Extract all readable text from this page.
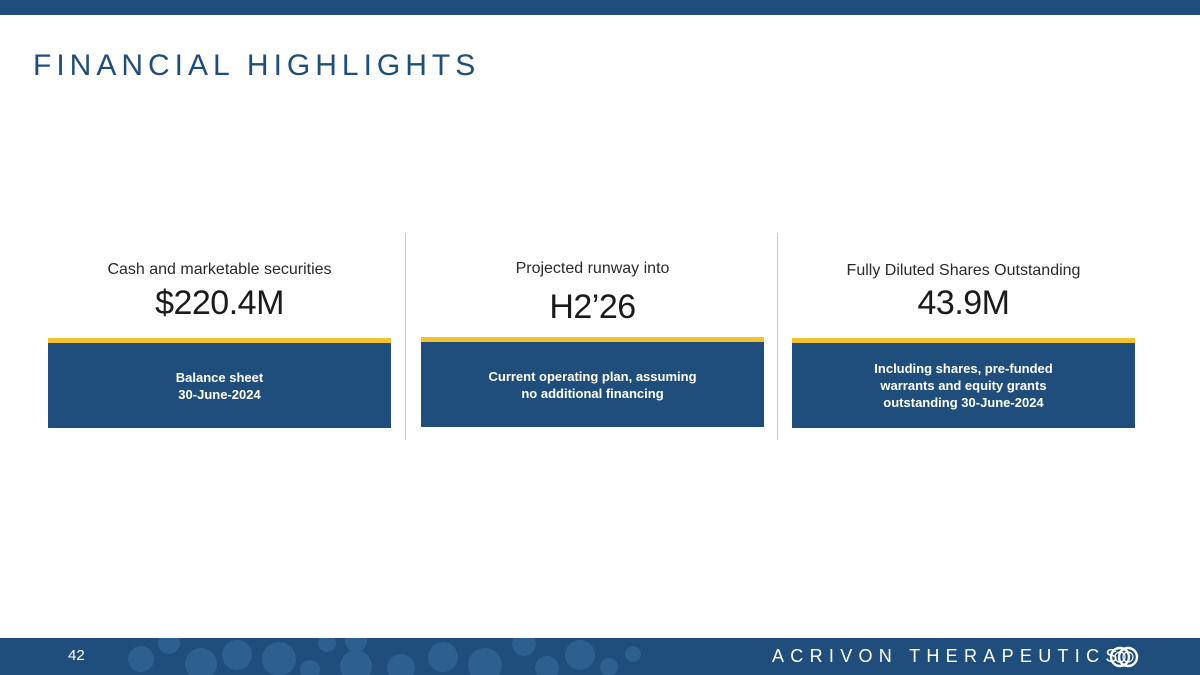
FINANCIAL HIGHLIGHTS
Cash and marketable securities
$220.4M

Balance sheet
30-June-2024

Projected runway into
H2’26

Current operating plan, assuming
no additional financing

Fully Diluted Shares Outstanding
43.9M

Including shares, pre-funded
warrants and equity grants
outstanding 30-June-2024

42	ACRIVON THERAPEUTICS
